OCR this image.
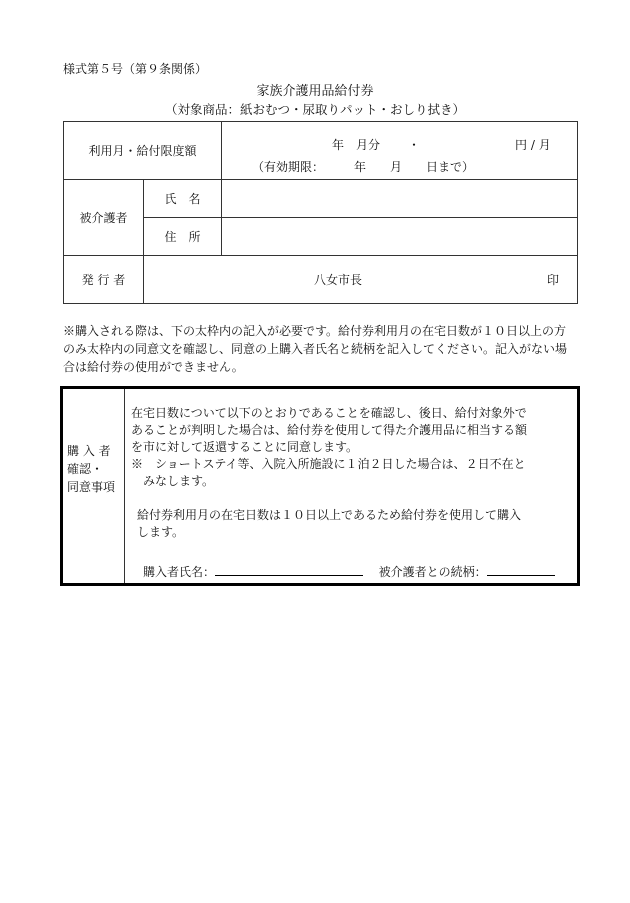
様式第５号（第９条関係）
家族介護用品給付券
（対象商品：紙おむつ・尿取りパット・おしり拭き）
利用月・給付限度額		年 月分 ・ 円 / 月
（有効期限：　　　年　　月　　日まで）

被介護者	氏　名	
	住　所	
発 行 者	八女市長 印	
※購入される際は、下の太枠内の記入が必要です。給付券利用月の在宅日数が１０日以上の方のみ太枠内の同意文を確認し、同意の上購入者氏名と続柄を記入してください。記入がない場合は給付券の使用ができません。
購 入 者
確認・
同意事項
在宅日数について以下のとおりであることを確認し、後日、給付対象外で
あることが判明した場合は、給付券を使用して得た介護用品に相当する額
を市に対して返還することに同意します。
※　ショートステイ等、入院入所施設に１泊２日した場合は、２日不在と
みなします。
給付券利用月の在宅日数は１０日以上であるため給付券を使用して購入
します。
購入者氏名：	被介護者との続柄：
